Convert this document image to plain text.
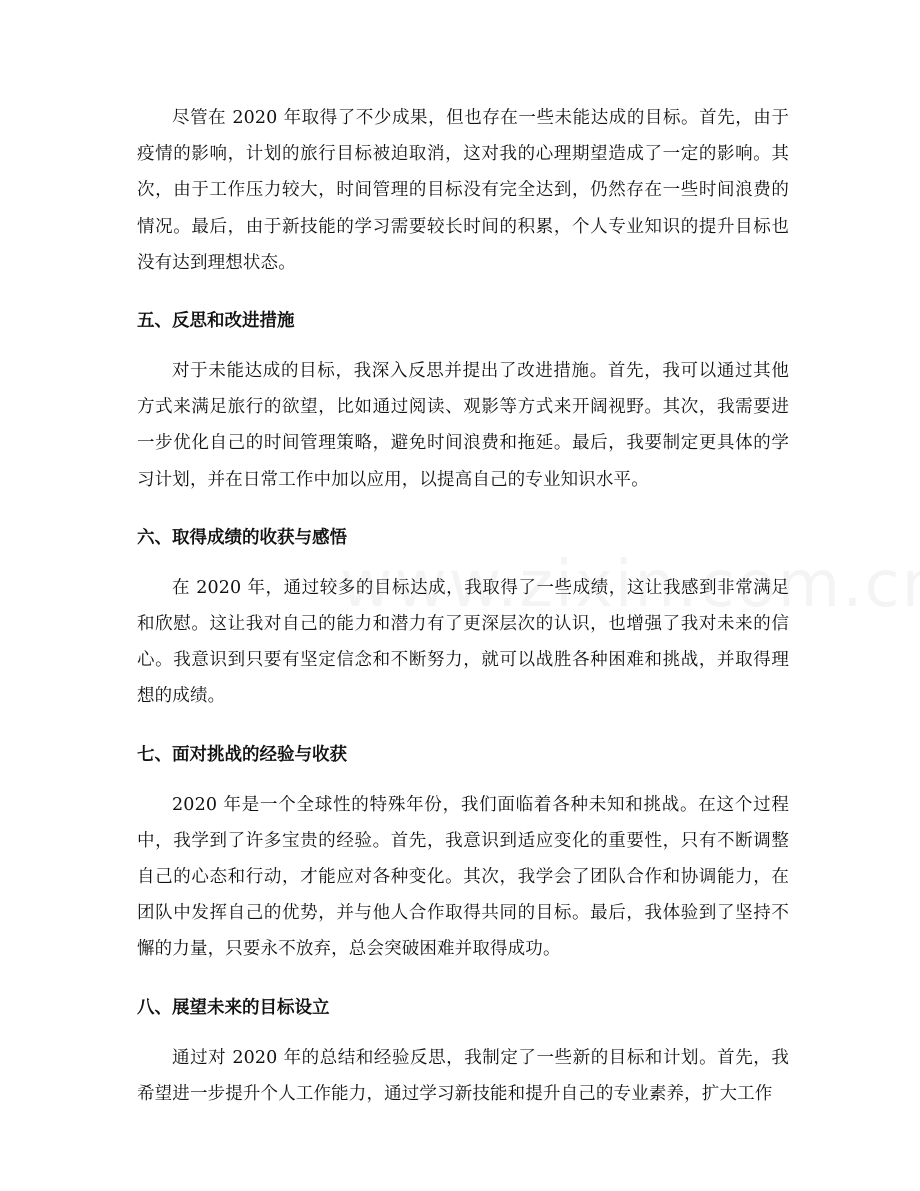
尽管在 2020 年取得了不少成果，但也存在一些未能达成的目标。首先，由于疫情的影响，计划的旅行目标被迫取消，这对我的心理期望造成了一定的影响。其次，由于工作压力较大，时间管理的目标没有完全达到，仍然存在一些时间浪费的情况。最后，由于新技能的学习需要较长时间的积累，个人专业知识的提升目标也没有达到理想状态。

五、反思和改进措施

对于未能达成的目标，我深入反思并提出了改进措施。首先，我可以通过其他方式来满足旅行的欲望，比如通过阅读、观影等方式来开阔视野。其次，我需要进一步优化自己的时间管理策略，避免时间浪费和拖延。最后，我要制定更具体的学习计划，并在日常工作中加以应用，以提高自己的专业知识水平。

六、取得成绩的收获与感悟

在 2020 年，通过较多的目标达成，我取得了一些成绩，这让我感到非常满足和欣慰。这让我对自己的能力和潜力有了更深层次的认识，也增强了我对未来的信心。我意识到只要有坚定信念和不断努力，就可以战胜各种困难和挑战，并取得理想的成绩。

七、面对挑战的经验与收获

2020 年是一个全球性的特殊年份，我们面临着各种未知和挑战。在这个过程中，我学到了许多宝贵的经验。首先，我意识到适应变化的重要性，只有不断调整自己的心态和行动，才能应对各种变化。其次，我学会了团队合作和协调能力，在团队中发挥自己的优势，并与他人合作取得共同的目标。最后，我体验到了坚持不懈的力量，只要永不放弃，总会突破困难并取得成功。

八、展望未来的目标设立

通过对 2020 年的总结和经验反思，我制定了一些新的目标和计划。首先，我希望进一步提升个人工作能力，通过学习新技能和提升自己的专业素养，扩大工作
